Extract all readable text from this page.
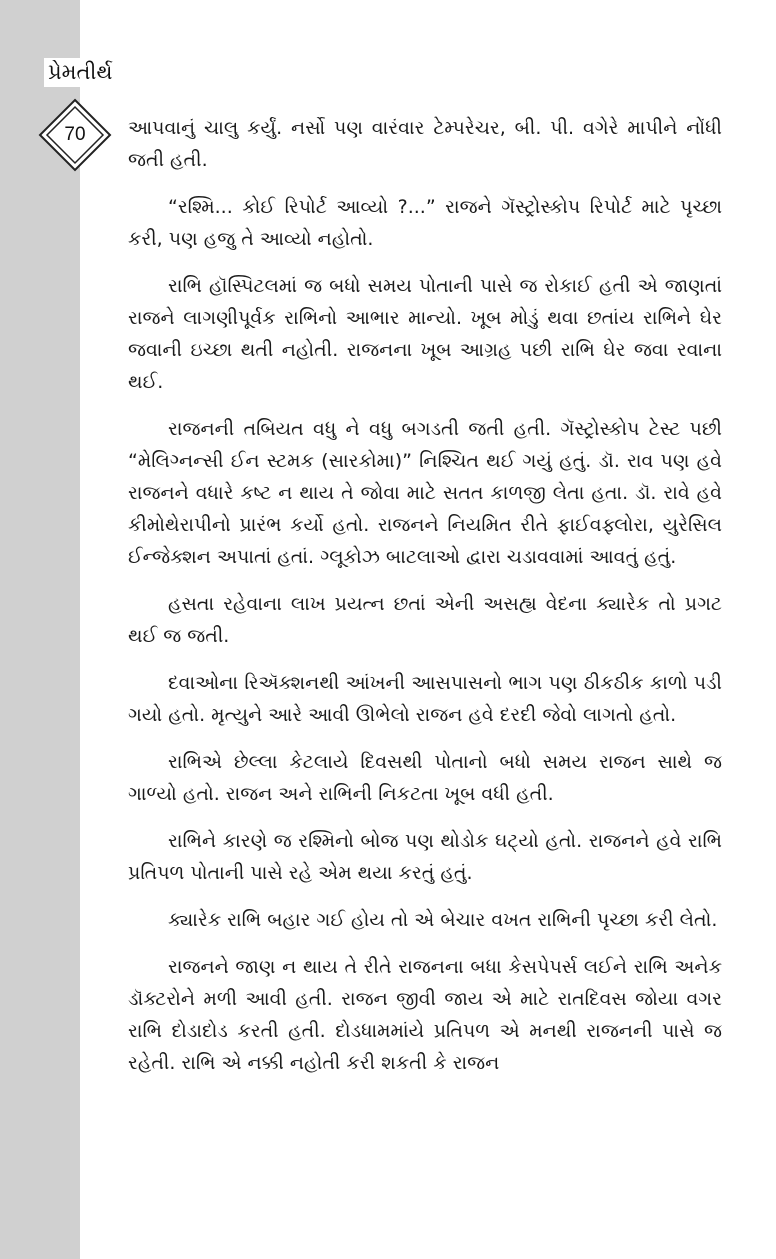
પ્રેમતીર્થ
70	આપવાનું ચાલુ કર્યું. નર્સો પણ વારંવાર ટેમ્પરેચર, બી. પી. વગેરે માપીને નોંધી જતી હતી.

“રશ્મિ... કોઈ રિપોર્ટ આવ્યો ?...” રાજને ગૅસ્ટ્રોસ્કોપ રિપોર્ટ માટે પૃચ્છા કરી, પણ હજુ તે આવ્યો નહોતો.

રાભિ હૉસ્પિટલમાં જ બધો સમય પોતાની પાસે જ રોકાઈ હતી એ જાણતાં રાજને લાગણીપૂર્વક રાભિનો આભાર માન્યો. ખૂબ મોડું થવા છતાંય રાભિને ઘેર જવાની ઇચ્છા થતી નહોતી. રાજનના ખૂબ આગ્રહ પછી રાભિ ઘેર જવા રવાના થઈ.

રાજનની તબિયત વધુ ને વધુ બગડતી જતી હતી. ગૅસ્ટ્રોસ્કોપ ટેસ્ટ પછી “મેલિગ્નન્સી ઈન સ્ટમક (સારકોમા)” નિશ્ચિત થઈ ગયું હતું. ડૉ. રાવ પણ હવે રાજનને વધારે કષ્ટ ન થાય તે જોવા માટે સતત કાળજી લેતા હતા. ડૉ. રાવે હવે કીમોથેરાપીનો પ્રારંભ કર્યો હતો. રાજનને નિયમિત રીતે ફાઈવફ્લોરા, યુરેસિલ ઈન્જેક્શન અપાતાં હતાં. ગ્લૂકોઝ બાટલાઓ દ્વારા ચડાવવામાં આવતું હતું.

હસતા રહેવાના લાખ પ્રયત્ન છતાં એની અસહ્ય વેદના ક્યારેક તો પ્રગટ થઈ જ જતી.

દવાઓના રિઍક્શનથી આંખની આસપાસનો ભાગ પણ ઠીકઠીક કાળો પડી ગયો હતો. મૃત્યુને આરે આવી ઊભેલો રાજન હવે દરદી જેવો લાગતો હતો.

રાભિએ છેલ્લા કેટલાયે દિવસથી પોતાનો બધો સમય રાજન સાથે જ ગાળ્યો હતો. રાજન અને રાભિની નિકટતા ખૂબ વધી હતી.

રાભિને કારણે જ રશ્મિનો બોજ પણ થોડોક ઘટ્યો હતો. રાજનને હવે રાભિ પ્રતિપળ પોતાની પાસે રહે એમ થયા કરતું હતું.

ક્યારેક રાભિ બહાર ગઈ હોય તો એ બેચાર વખત રાભિની પૃચ્છા કરી લેતો.

રાજનને જાણ ન થાય તે રીતે રાજનના બધા કેસપેપર્સ લઈને રાભિ અનેક ડૉક્ટરોને મળી આવી હતી. રાજન જીવી જાય એ માટે રાતદિવસ જોયા વગર રાભિ દોડાદોડ કરતી હતી. દોડધામમાંયે પ્રતિપળ એ મનથી રાજનની પાસે જ રહેતી. રાભિ એ નક્કી નહોતી કરી શકતી કે રાજન
